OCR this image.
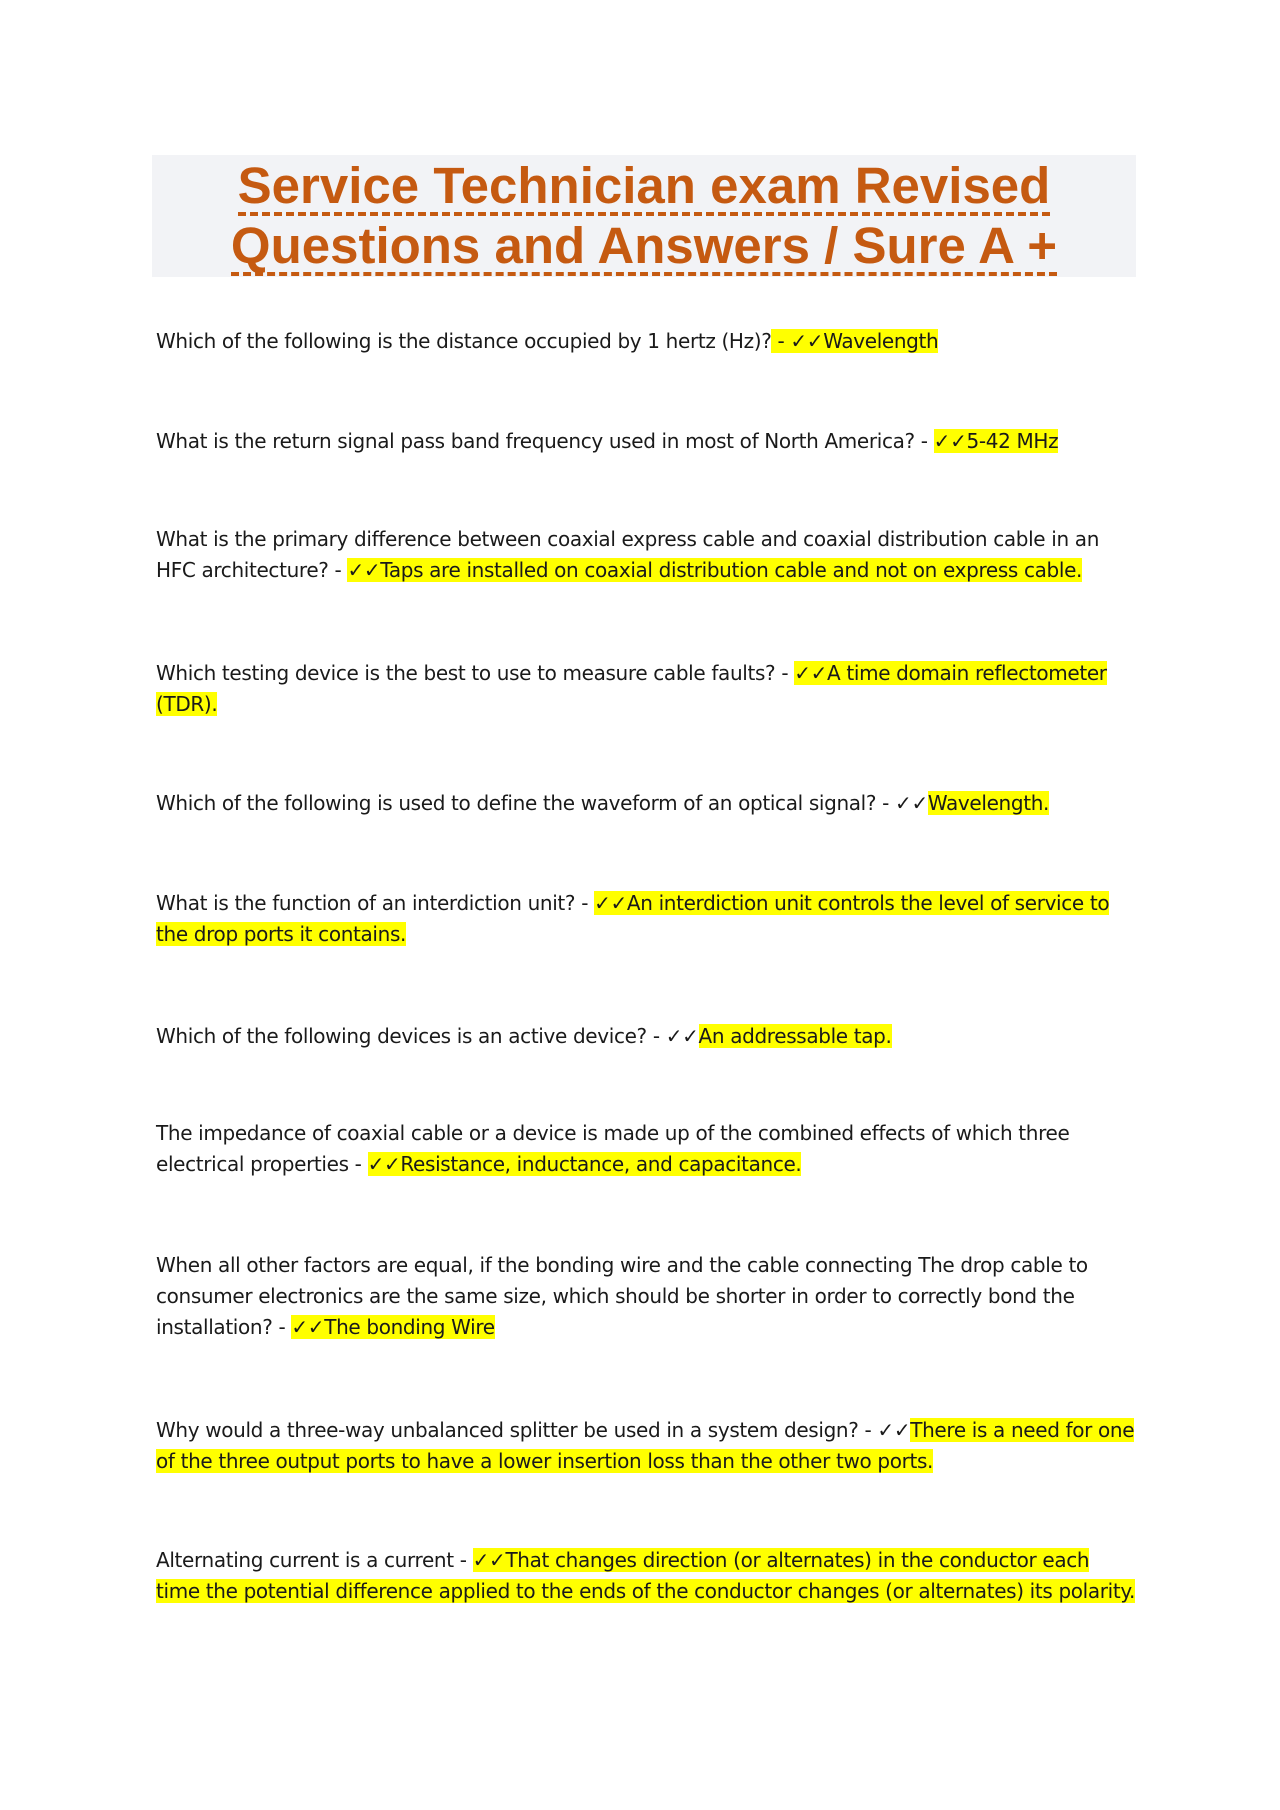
Service Technician exam Revised
Questions and Answers / Sure A +

Which of the following is the distance occupied by 1 hertz (Hz)? - ✓✓Wavelength

What is the return signal pass band frequency used in most of North America? - ✓✓5-42 MHz

What is the primary difference between coaxial express cable and coaxial distribution cable in an HFC architecture? - ✓✓Taps are installed on coaxial distribution cable and not on express cable.

Which testing device is the best to use to measure cable faults? - ✓✓A time domain reflectometer (TDR).

Which of the following is used to define the waveform of an optical signal? - ✓✓Wavelength.

What is the function of an interdiction unit? - ✓✓An interdiction unit controls the level of service to the drop ports it contains.

Which of the following devices is an active device? - ✓✓An addressable tap.

The impedance of coaxial cable or a device is made up of the combined effects of which three electrical properties - ✓✓Resistance, inductance, and capacitance.

When all other factors are equal, if the bonding wire and the cable connecting The drop cable to consumer electronics are the same size, which should be shorter in order to correctly bond the installation? - ✓✓The bonding Wire

Why would a three-way unbalanced splitter be used in a system design? - ✓✓There is a need for one of the three output ports to have a lower insertion loss than the other two ports.

Alternating current is a current - ✓✓That changes direction (or alternates) in the conductor each time the potential difference applied to the ends of the conductor changes (or alternates) its polarity.
